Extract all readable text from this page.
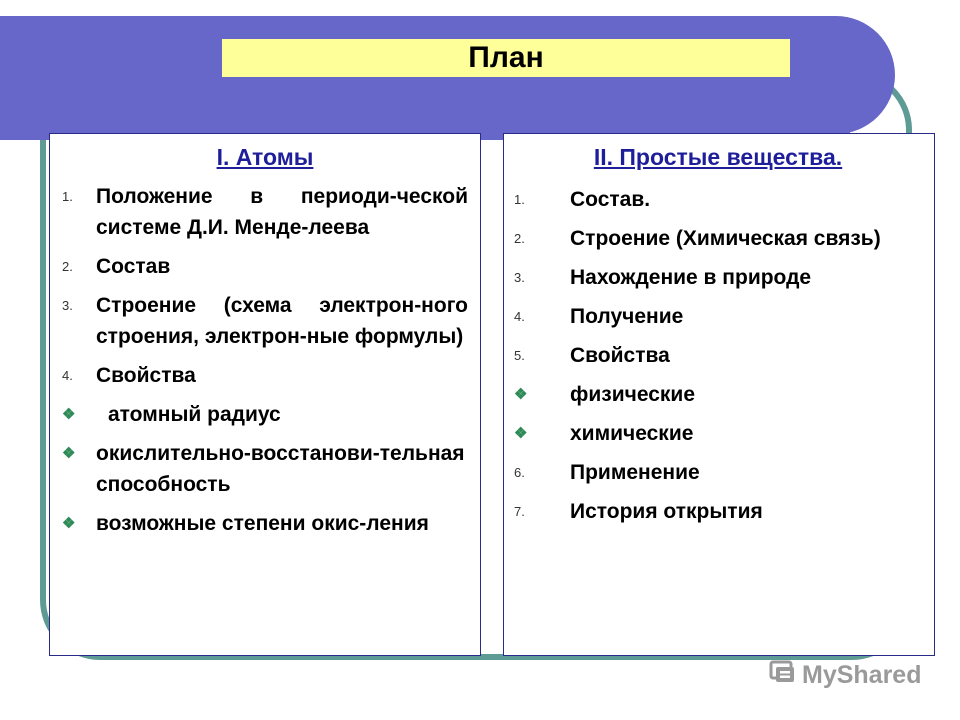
План
I. Атомы
1.	Положение в периоди-ческой системе Д.И. Менде-леева
2.	Состав
3.	Строение (схема электрон-ного строения, электрон-ные формулы)
4.	Свойства
❖	атомный радиус
❖ окислительно-восстанови-тельная способность
❖ возможные степени окис-ления
II. Простые вещества.
1.	Состав.
2.	Строение (Химическая связь)
3.	Нахождение в природе
4.	Получение
5.	Свойства
❖	физические
❖	химические
6.	Применение
7.	История открытия
MyShared
